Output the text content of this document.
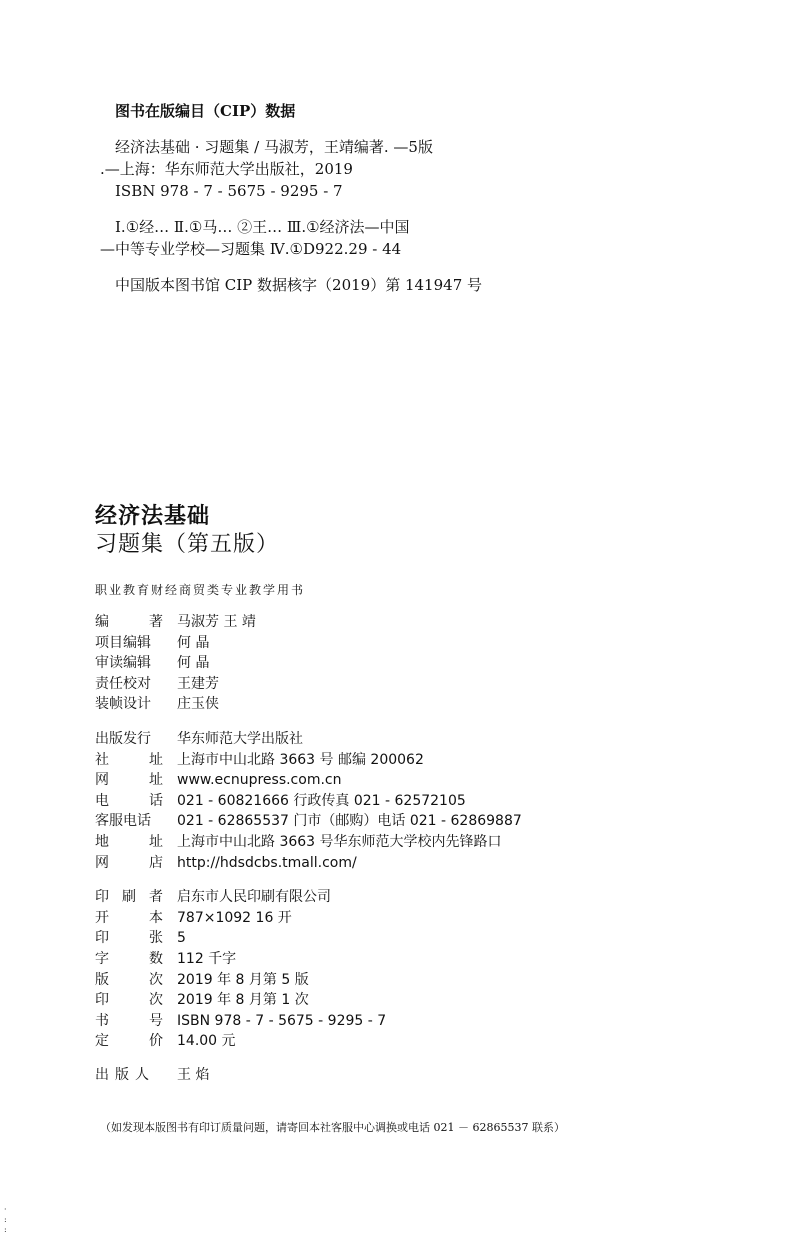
图书在版编目（CIP）数据
经济法基础 · 习题集 / 马淑芳，王靖编著. —5版
.—上海：华东师范大学出版社，2019
ISBN 978 - 7 - 5675 - 9295 - 7
Ⅰ.①经… Ⅱ.①马… ②王… Ⅲ.①经济法—中国
—中等专业学校—习题集 Ⅳ.①D922.29 - 44
中国版本图书馆 CIP 数据核字（2019）第 141947 号
经济法基础
习题集（第五版）
职业教育财经商贸类专业教学用书
编	著 马淑芳 王 靖
项目编辑	何 晶
审读编辑	何 晶
责任校对	王建芳
装帧设计	庄玉侠
出版发行	华东师范大学出版社
社	址 上海市中山北路 3663 号 邮编 200062
网	址 www.ecnupress.com.cn
电	话 021 - 60821666 行政传真 021 - 62572105
客服电话	021 - 62865537 门市（邮购）电话 021 - 62869887
地	址 上海市中山北路 3663 号华东师范大学校内先锋路口
网	店 http://hdsdcbs.tmall.com/
印 刷 者 启东市人民印刷有限公司
开	本 787×1092 16 开
印	张 5
字	数 112 千字
版	次 2019 年 8 月第 5 版
印	次 2019 年 8 月第 1 次
书	号 ISBN 978 - 7 - 5675 - 9295 - 7
定	价 14.00 元
出版人	王 焰
（如发现本版图书有印订质量问题，请寄回本社客服中心调换或电话 021 － 62865537 联系）
·
:
:
